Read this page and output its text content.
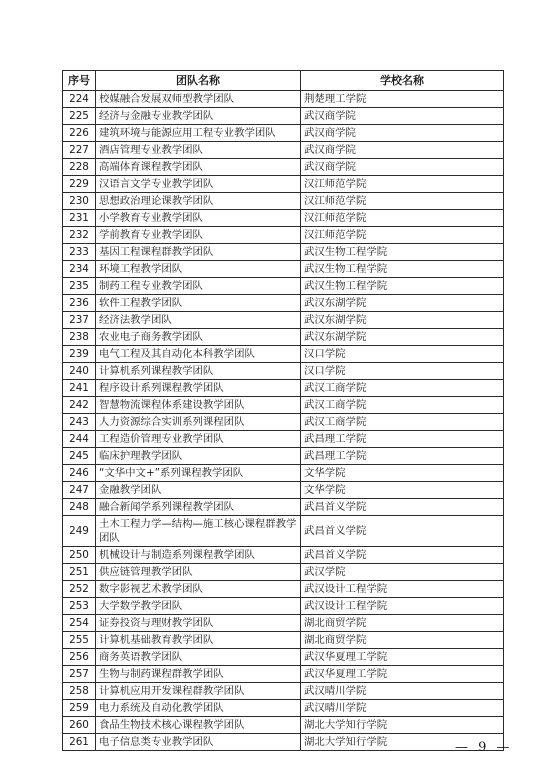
序号	团队名称	学校名称
224	校媒融合发展双师型教学团队	荆楚理工学院
225	经济与金融专业教学团队	武汉商学院
226	建筑环境与能源应用工程专业教学团队	武汉商学院
227	酒店管理专业教学团队	武汉商学院
228	高端体育课程教学团队	武汉商学院
229	汉语言文学专业教学团队	汉江师范学院
230	思想政治理论课教学团队	汉江师范学院
231	小学教育专业教学团队	汉江师范学院
232	学前教育专业教学团队	汉江师范学院
233	基因工程课程群教学团队	武汉生物工程学院
234	环境工程教学团队	武汉生物工程学院
235	制药工程专业教学团队	武汉生物工程学院
236	软件工程教学团队	武汉东湖学院
237	经济法教学团队	武汉东湖学院
238	农业电子商务教学团队	武汉东湖学院
239	电气工程及其自动化本科教学团队	汉口学院
240	计算机系列课程教学团队	汉口学院
241	程序设计系列课程教学团队	武汉工商学院
242	智慧物流课程体系建设教学团队	武汉工商学院
243	人力资源综合实训系列课程团队	武汉工商学院
244	工程造价管理专业教学团队	武昌理工学院
245	临床护理教学团队	武昌理工学院
246	“文华中文+”系列课程教学团队	文华学院
247	金融教学团队	文华学院
248	融合新闻学系列课程教学团队	武昌首义学院
249	土木工程力学—结构—施工核心课程群教学团队	武昌首义学院
250	机械设计与制造系列课程教学团队	武昌首义学院
251	供应链管理教学团队	武汉学院
252	数字影视艺术教学团队	武汉设计工程学院
253	大学数学教学团队	武汉设计工程学院
254	证券投资与理财教学团队	湖北商贸学院
255	计算机基础教育教学团队	湖北商贸学院
256	商务英语教学团队	武汉华夏理工学院
257	生物与制药课程群教学团队	武汉华夏理工学院
258	计算机应用开发课程群教学团队	武汉晴川学院
259	电力系统及自动化教学团队	武汉晴川学院
260	食品生物技术核心课程教学团队	湖北大学知行学院
261	电子信息类专业教学团队	湖北大学知行学院	— 9 —
